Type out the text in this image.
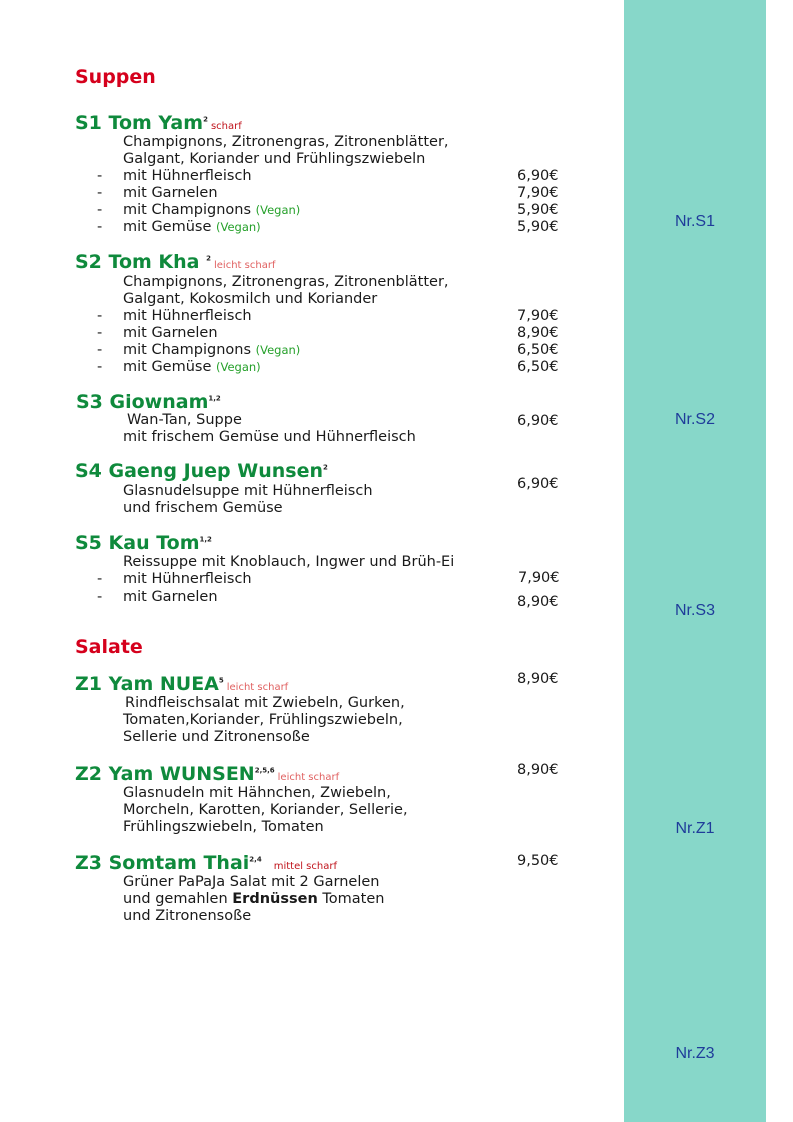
Nr.S1
Nr.S2
Nr.S3
Nr.Z1
Nr.Z3
Suppen
S1 Tom Yam$^2$scharf
Champignons, Zitronengras, Zitronenblätter,
Galgant, Koriander und Frühlingszwiebeln
- mit Hühnerfleisch	6,90€
- mit Garnelen	7,90€
- mit Champignons (Vegan)	5,90€
- mit Gemüse (Vegan)	5,90€
S2 Tom Kha $^2$leicht scharf
Champignons, Zitronengras, Zitronenblätter,
Galgant, Kokosmilch und Koriander
- mit Hühnerfleisch	7,90€
- mit Garnelen	8,90€
- mit Champignons (Vegan)	6,50€
- mit Gemüse (Vegan)	6,50€
S3 Giownam$^{1,2}$
Wan-Tan, Suppe
mit frischem Gemüse und Hühnerfleisch
6,90€
S4 Gaeng Juep Wunsen$^2$
Glasnudelsuppe mit Hühnerfleisch
und frischem Gemüse
6,90€
S5 Kau Tom$^{1,2}$
Reissuppe mit Knoblauch, Ingwer und Brüh-Ei
- mit Hühnerfleisch	7,90€
- mit Garnelen	8,90€
Salate
Z1 Yam NUEA$^5$leicht scharf
Rindfleischsalat mit Zwiebeln, Gurken,
Tomaten,Koriander, Frühlingszwiebeln,
Sellerie und Zitronensoße
8,90€
Z2 Yam WUNSEN$^{2,5,6}$leicht scharf
Glasnudeln mit Hähnchen, Zwiebeln,
Morcheln, Karotten, Koriander, Sellerie,
Frühlingszwiebeln, Tomaten
8,90€
Z3 Somtam Thai$^{2,4}$mittel scharf
Grüner PaPaJa Salat mit 2 Garnelen
und gemahlen Erdnüssen Tomaten
und Zitronensoße
9,50€
